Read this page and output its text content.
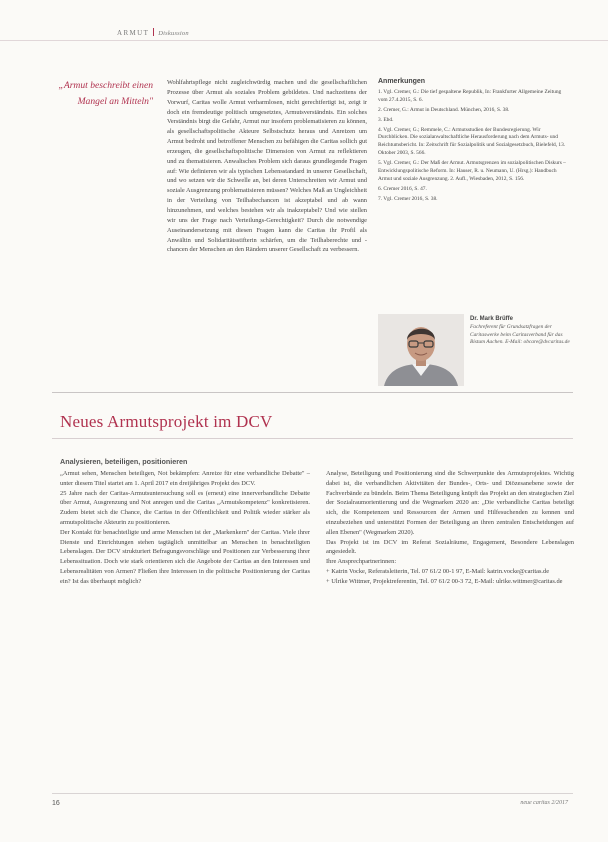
ARMUT Diskussion
„Armut beschreibt einen Mangel an Mitteln"

Wohlfahrtspflege nicht zugleichwürdig machen und die gesellschaftlichen Prozesse über Armut als soziales Problem gebildetes. Und nachzeitens der Vorwurf, Caritas wolle Armut verharmlosen, nicht gerechtfertigt ist, zeigt ir doch ein fremdeutige politisch umgesetztes, Armutsverständnis. Ein solches Verständnis birgt die Gefahr, Armut nur insofern problematisieren zu können, als gesellschaftspolitische Akteure Selbstschutz heraus und Anreizen um Armut bedroht und betroffener Menschen zu befähigen die Caritas sollich gut erzeugen, die gesellschaftspolitische Dimension von Armut zu reflektieren und zu thematisieren. Anwaltsches Problem sich daraus grundlegende Fragen auf: Wie definieren wir als typischen Lebensstandard in unserer Gesellschaft, und wo setzen wir die Schwelle an, bei deren Unterschreiten wir Armut und soziale Ausgrenzung problematisieren müssen? Welches Maß an Ungleichheit in der Verteilung von Teilhabechancen ist akzeptabel und ab wann hinzunehmen, und welches bestehen wir als inakzeptabel? Und wie stellen wir uns der Frage nach Verteilungs-Gerechtigkeit? Durch die notwendige Auseinandersetzung mit diesen Fragen kann die Caritas ihr Profil als Anwältin und Solidaritätsstifterin schärfen, um die Teilhaberechte und -chancen der Menschen an den Rändern unserer Gesellschaft zu verbessern.

Anmerkungen
1. Vgl. Cremer, G.: Die tief gespaltene Republik, In: Frankfurter Allgemeine Zeitung vom 27.4.2015, S. 6.
2. Cremer, G.: Armut in Deutschland. München, 2016, S. 38.
3. Ebd.
4. Vgl. Cremer, G.; Remmele, C.: Armutsstudien der Bundesregierung. Wir Durchblicken. Die sozialanwaltschaftliche Herausforderung nach dem Armuts- und Reichtumsbericht. In: Zeitschrift für Sozialpolitik und Sozialgesetzbuch, Bielefeld, 13. Oktober 2003, S. 566.
5. Vgl. Cremer, G.: Der Maß der Armut. Armutsgrenzen im sozialpolitischen Diskurs – Entwicklungspolitische Reform. In: Hauser, R. u. Neumann, U. (Hrsg.): Handbuch Armut und soziale Ausgrenzung. 2. Aufl., Wiesbaden, 2012, S. 156.
6. Cremer 2016, S. 47.
7. Vgl. Cremer 2016, S. 38.
Dr. Mark Brüffe
Fachreferent für Grundsatzfragen der Caritaswerke beim Caritasverband für das Bistum Aachen. E-Mail: obcare@dvcaritas.de
Neues Armutsprojekt im DCV
Analysieren, beteiligen, positionieren

„Armut sehen, Menschen beteiligen, Not bekämpfen: Anreize für eine verbandliche Debatte" – unter diesem Titel startet am 1. April 2017 ein dreijähriges Projekt des DCV.

25 Jahre nach der Caritas-Armutsuntersuchung soll es (erneut) eine innerverbandliche Debatte über Armut, Ausgrenzung und Not anregen und die Caritas „Armutskompetenz" konkretisieren. Zudem bietet sich die Chance, die Caritas in der Öffentlichkeit und Politik wieder stärker als armutspolitische Akteurin zu positionieren.

Der Kontakt für benachteiligte und arme Menschen ist der „Markenkern" der Caritas. Viele ihrer Dienste und Einrichtungen stehen tagtäglich unmittelbar an Menschen in benachteiligten Lebenslagen. Der DCV strukturiert Befragungsvorschläge und Positionen zur Verbesserung ihrer Lebenssituation. Doch wie stark orientieren sich die Angebote der Caritas an den Interessen und Lebensrealitäten von Armen? Fließen ihre Interessen in die politische Positionierung der Caritas ein? Ist das überhaupt möglich?

Analyse, Beteiligung und Positionierung sind die Schwerpunkte des Armutsprojektes. Wichtig dabei ist, die verbandlichen Aktivitäten der Bundes-, Orts- und Diözesanebene sowie der Fachverbände zu bündeln. Beim Thema Beteiligung knüpft das Projekt an den strategischen Ziel der Sozialraumorientierung und die Wegmarken 2020 an: „Die verbandliche Caritas beteiligt sich, die Kompetenzen und Ressourcen der Armen und Hilfesuchenden zu kennen und einzubeziehen und unterstützt Formen der Beteiligung an ihren zentralen Entscheidungen auf allen Ebenen" (Wegmarken 2020).

Das Projekt ist im DCV im Referat Sozialräume, Engagement, Besondere Lebenslagen angesiedelt.

Ihre Ansprechpartnerinnen:

+ Katrin Vocke, Referatsleiterin, Tel. 07 61/2 00-1 97, E-Mail: katrin.vocke@caritas.de

+ Ulrike Wittmer, Projektreferentin, Tel. 07 61/2 00-3 72, E-Mail: ulrike.wittmer@caritas.de

16	neue caritas 2/2017
